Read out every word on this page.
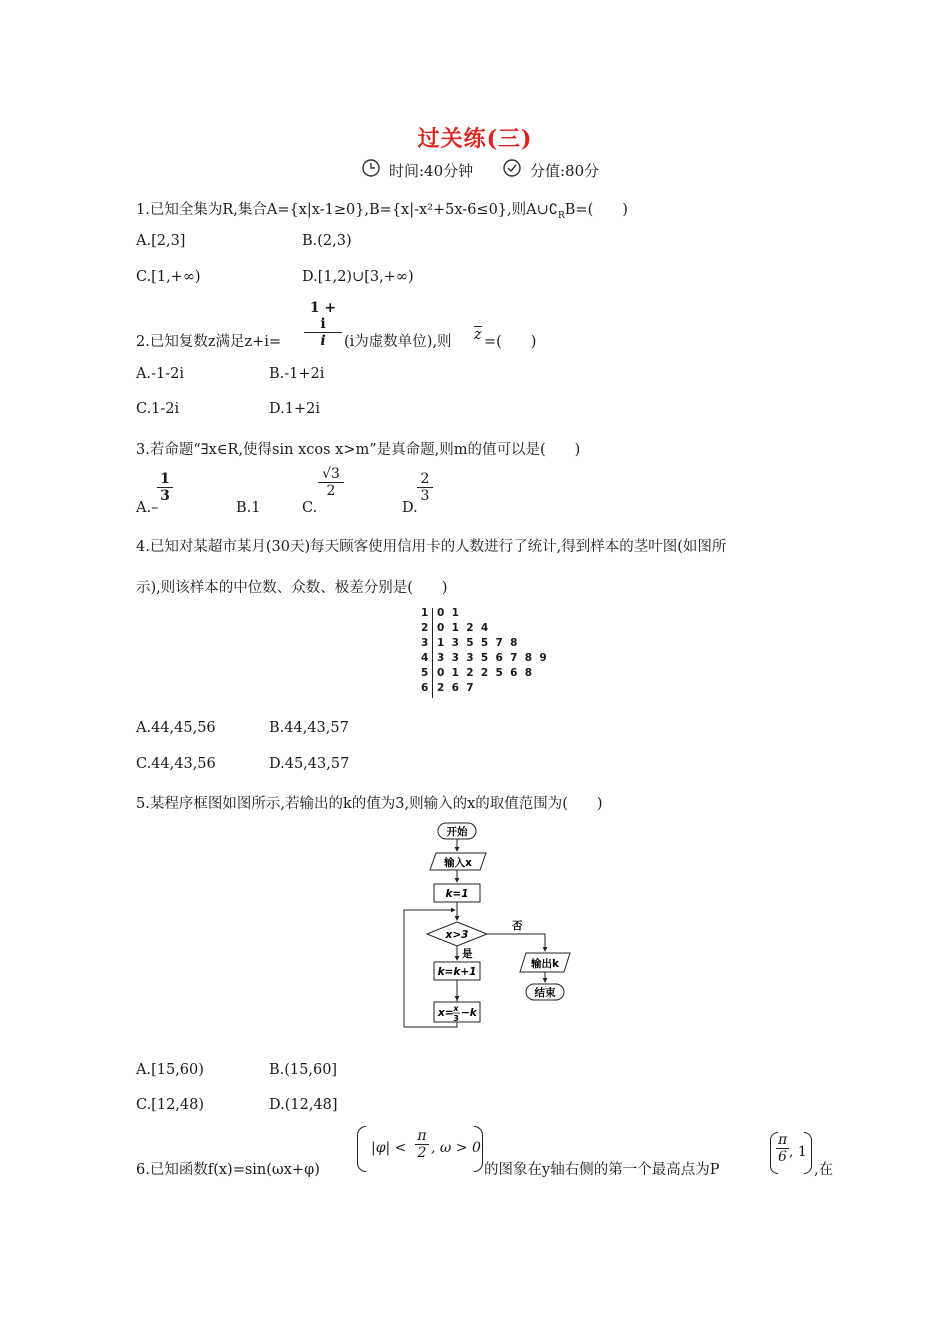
过关练(三)
时间:40分钟	分值:80分
1.已知全集为R,集合A={x|x-1≥0},B={x|-x²+5x-6≤0},则$A\cup∁_RB=$(　　)
A.[2,3]	B.(2,3)
C.[1,+∞)	D.[1,2)∪[3,+∞)
2.已知复数z满足z+i=
1 + i
i	(i为虚数单位),则 z =(　　)
A.-1-2i	B.-1+2i
C.1-2i	D.1+2i
3.若命题“∃x∈R,使得sin xcos x>m”是真命题,则m的值可以是(　　)
A.–
1
3
B.1	C.
√3
2
D.
2
3
4.已知对某超市某月(30天)每天顾客使用信用卡的人数进行了统计,得到样本的茎叶图(如图所
示),则该样本的中位数、众数、极差分别是(　　)
1 0  1
2 0  1  2  4
3 1  3  5  5  7  8
4 3  3  3  5  6  7  8  9
5 0  1  2  2  5  6  8
6 2  6  7
A.44,45,56	B.44,43,57
C.44,43,56	D.45,43,57
5.某程序框图如图所示,若输出的k的值为3,则输入的x的取值范围为(　　)
开始
输入x
k=1
x>3
是
k=k+1
x= x
3 −k
否
输出k
结束
A.[15,60)	B.(15,60]
C.[12,48)	D.(12,48]
6.已知函数f(x)=sin(ωx+φ)
|φ| <
π
2 , ω > 0
的图象在y轴右侧的第一个最高点为P
π
6 , 1
,在
